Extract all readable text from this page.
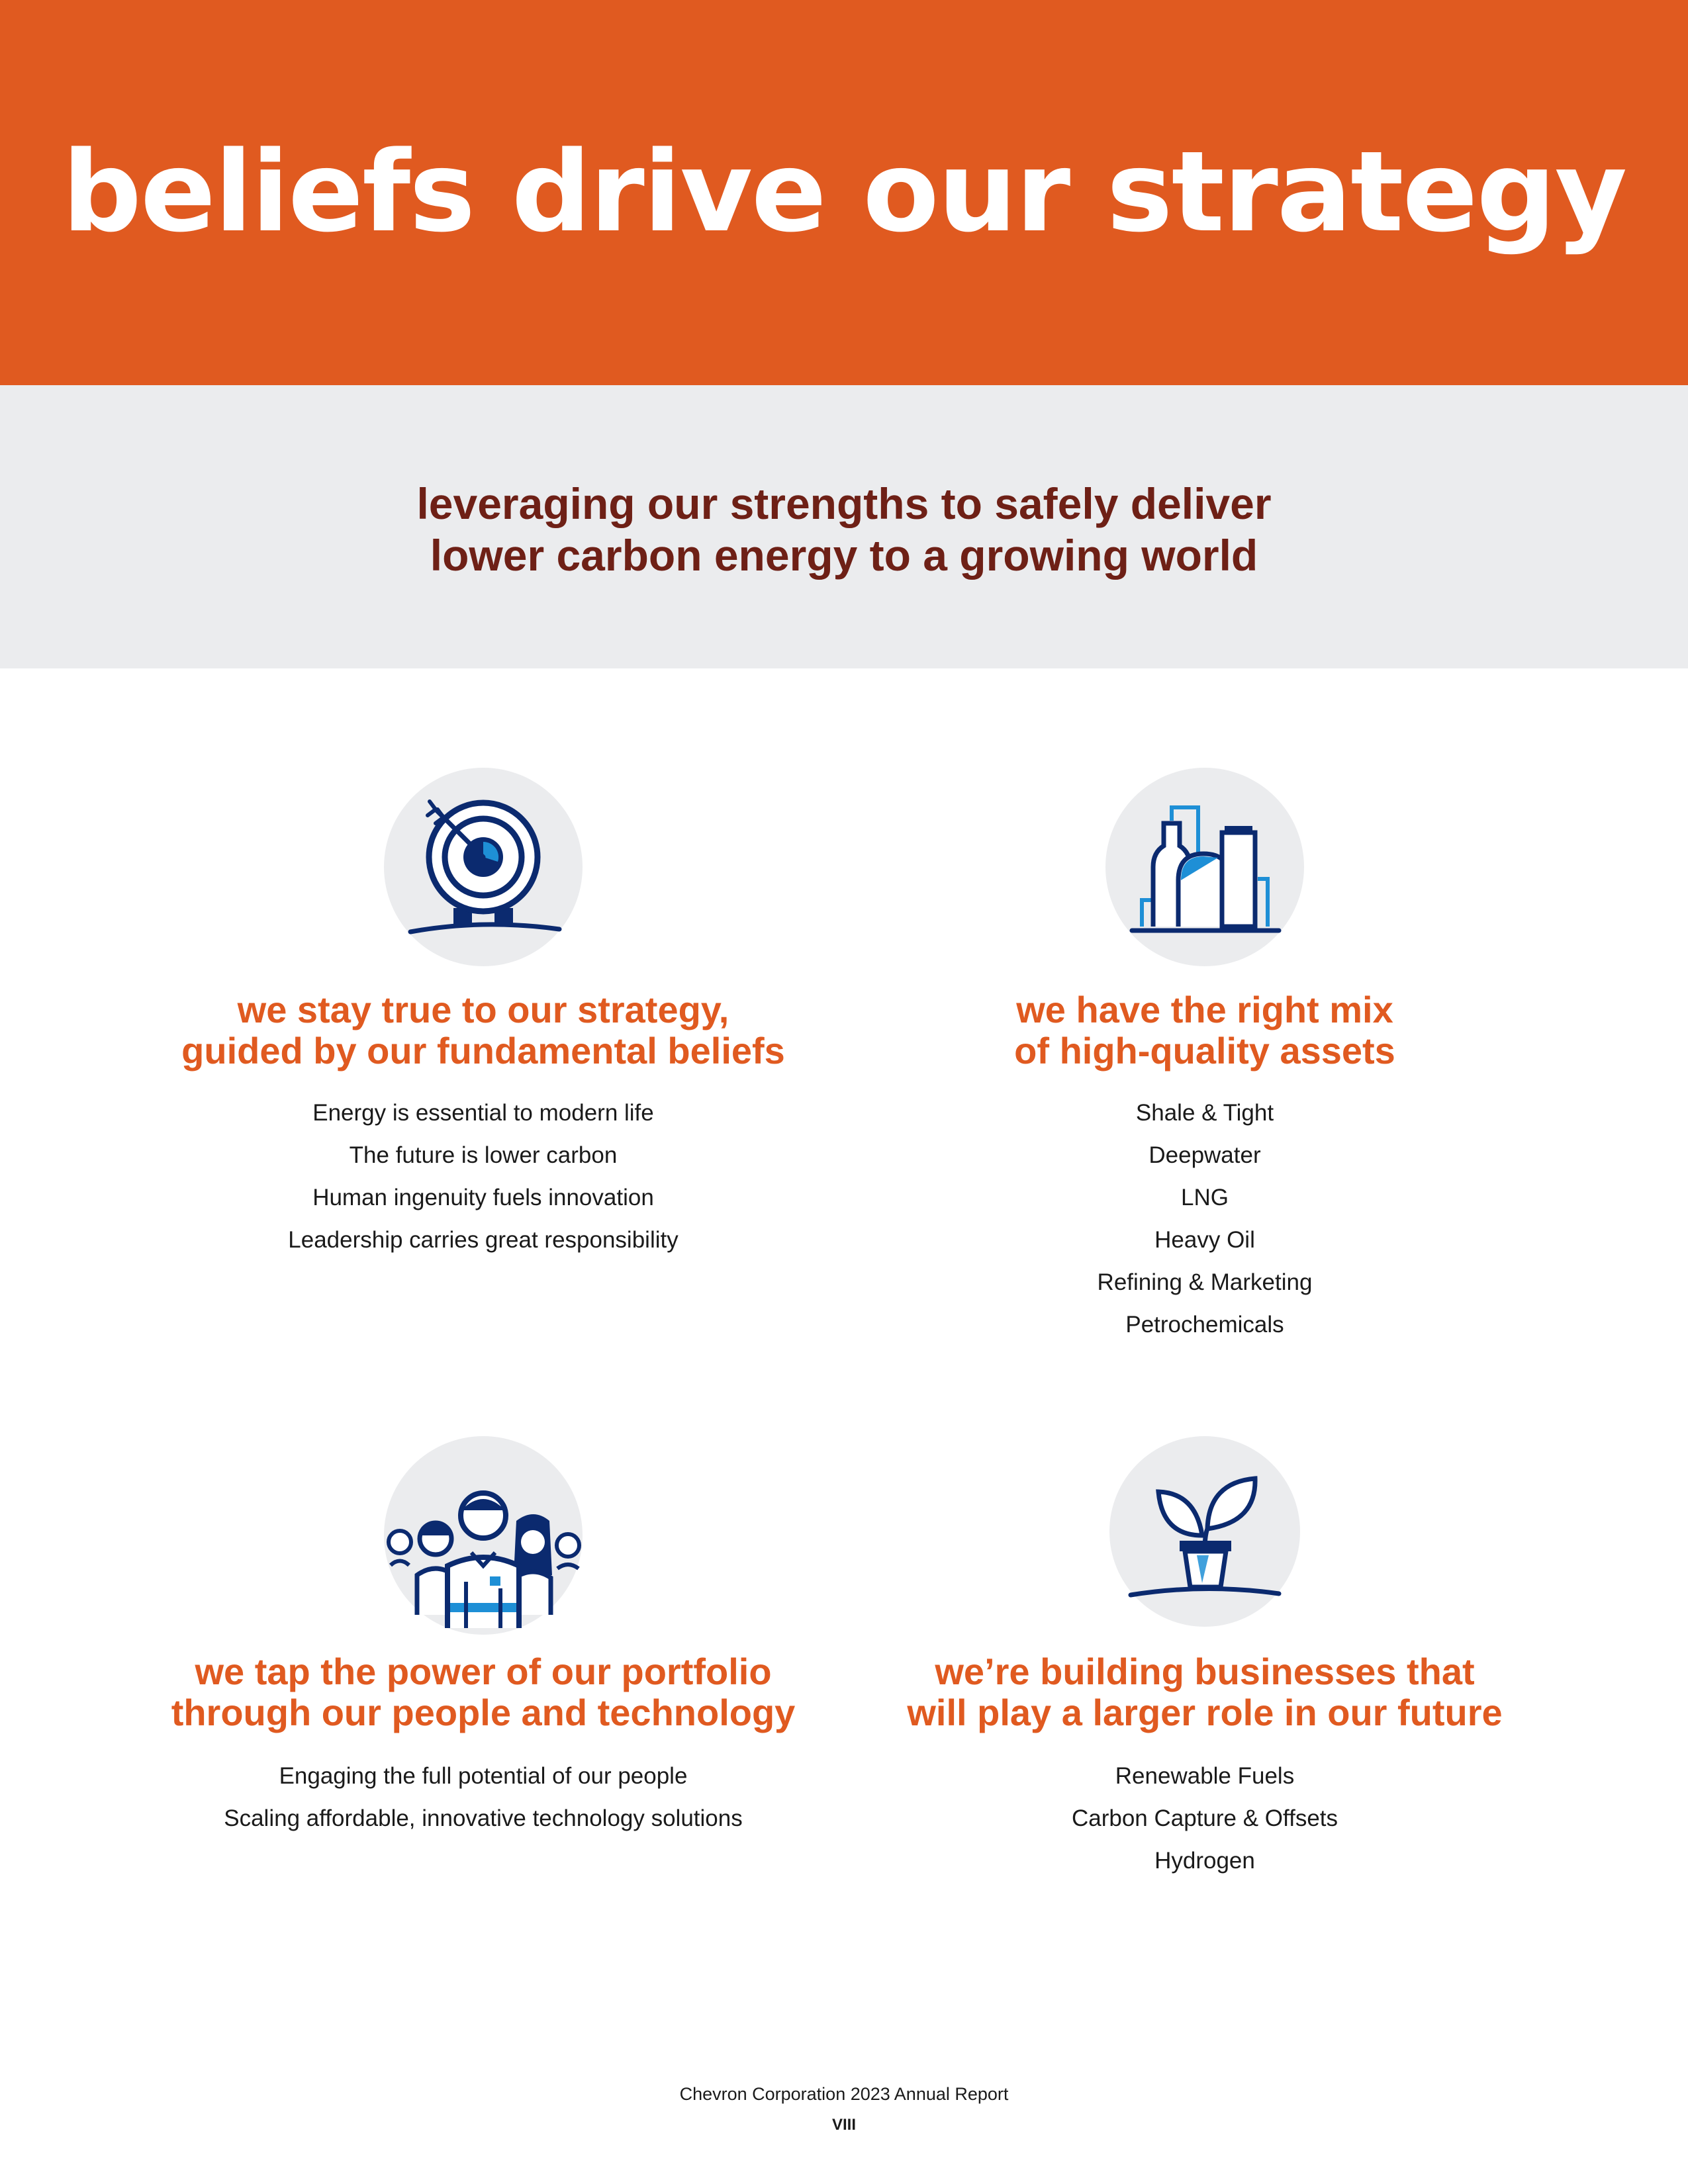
beliefs drive our strategy
leveraging our strengths to safely deliver
lower carbon energy to a growing world
we stay true to our strategy,
guided by our fundamental beliefs
Energy is essential to modern life
The future is lower carbon
Human ingenuity fuels innovation
Leadership carries great responsibility
we have the right mix
of high-quality assets
Shale & Tight
Deepwater
LNG
Heavy Oil
Refining & Marketing
Petrochemicals
we tap the power of our portfolio
through our people and technology
Engaging the full potential of our people
Scaling affordable, innovative technology solutions
we’re building businesses that
will play a larger role in our future
Renewable Fuels
Carbon Capture & Offsets
Hydrogen
Chevron Corporation 2023 Annual Report
VIII
